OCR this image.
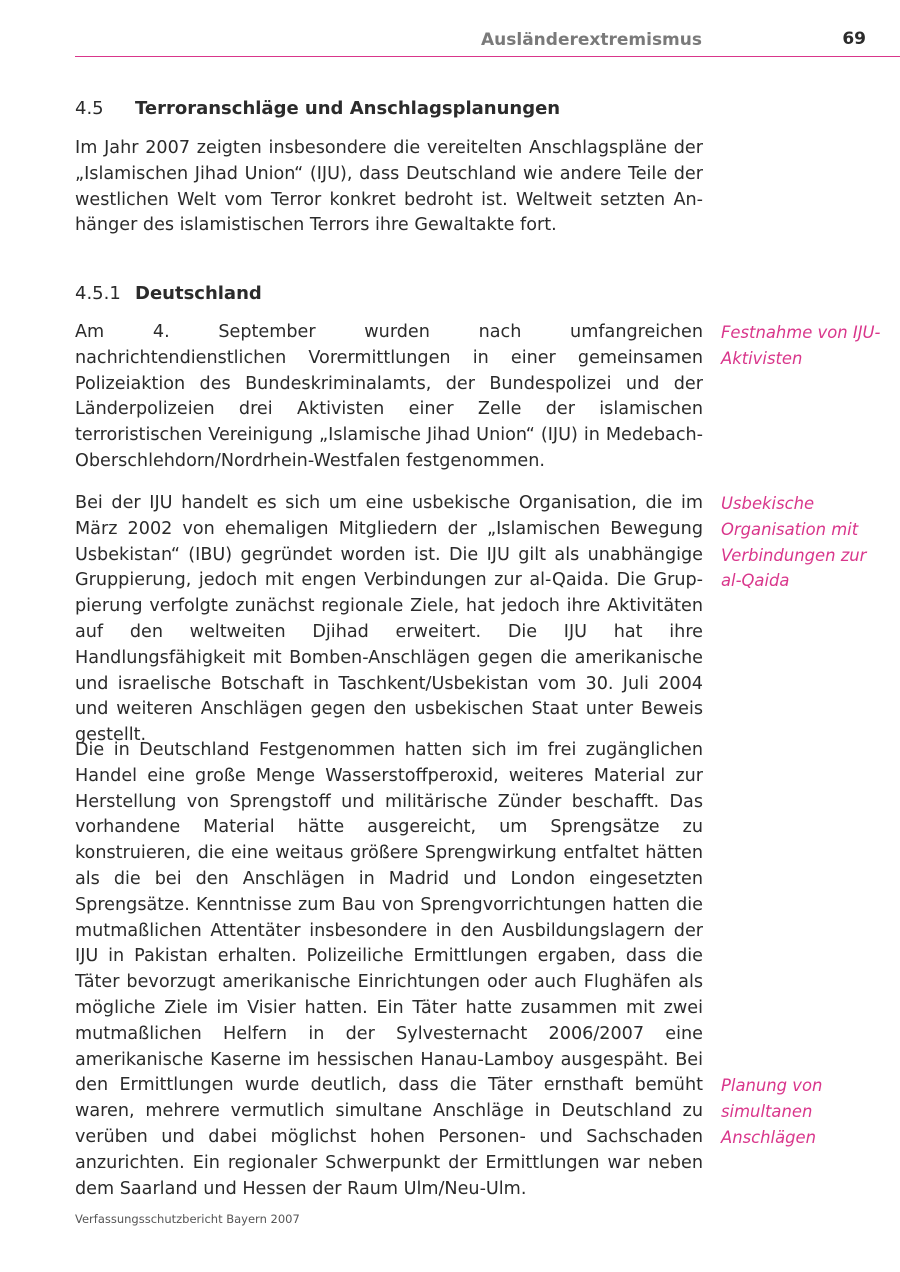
Ausländerextremismus	69
4.5 Terroranschläge und Anschlagsplanungen

Im Jahr 2007 zeigten insbesondere die vereitelten Anschlagspläne der „Islamischen Jihad Union“ (IJU), dass Deutschland wie andere Teile der westlichen Welt vom Terror konkret bedroht ist. Weltweit setzten Anhänger des islamistischen Terrors ihre Gewaltakte fort.

4.5.1 Deutschland

Am 4. September wurden nach umfangreichen nachrichtendienstlichen Vorermittlungen in einer gemeinsamen Polizeiaktion des Bundeskriminalamts, der Bundespolizei und der Länderpolizeien drei Aktivisten einer Zelle der islamischen terroristischen Vereinigung „Islamische Jihad Union“ (IJU) in Medebach-Oberschlehdorn/Nordrhein-Westfalen festgenommen.

Festnahme von IJU-Aktivisten

Bei der IJU handelt es sich um eine usbekische Organisation, die im März 2002 von ehemaligen Mitgliedern der „Islamischen Bewegung Usbekistan“ (IBU) gegründet worden ist. Die IJU gilt als unabhängige Gruppierung, jedoch mit engen Verbindungen zur al-Qaida. Die Gruppierung verfolgte zunächst regionale Ziele, hat jedoch ihre Aktivitäten auf den weltweiten Djihad erweitert. Die IJU hat ihre Handlungsfähigkeit mit Bomben-Anschlägen gegen die amerikanische und israelische Botschaft in Taschkent/Usbekistan vom 30. Juli 2004 und weiteren Anschlägen gegen den usbekischen Staat unter Beweis gestellt.

Usbekische Organisation mit Verbindungen zur al-Qaida

Die in Deutschland Festgenommen hatten sich im frei zugänglichen Handel eine große Menge Wasserstoffperoxid, weiteres Material zur Herstellung von Sprengstoff und militärische Zünder beschafft. Das vorhandene Material hätte ausgereicht, um Sprengsätze zu konstruieren, die eine weitaus größere Sprengwirkung entfaltet hätten als die bei den Anschlägen in Madrid und London eingesetzten Sprengsätze. Kenntnisse zum Bau von Sprengvorrichtungen hatten die mutmaßlichen Attentäter insbesondere in den Ausbildungslagern der IJU in Pakistan erhalten. Polizeiliche Ermittlungen ergaben, dass die Täter bevorzugt amerikanische Einrichtungen oder auch Flughäfen als mögliche Ziele im Visier hatten. Ein Täter hatte zusammen mit zwei mutmaßlichen Helfern in der Sylvesternacht 2006/2007 eine amerikanische Kaserne im hessischen Hanau-Lamboy ausgespäht. Bei den Ermittlungen wurde deutlich, dass die Täter ernsthaft bemüht waren, mehrere vermutlich simultane Anschläge in Deutschland zu verüben und dabei möglichst hohen Personen- und Sachschaden anzurichten. Ein regionaler Schwerpunkt der Ermittlungen war neben dem Saarland und Hessen der Raum Ulm/Neu-Ulm.

Planung von simultanen Anschlägen

Verfassungsschutzbericht Bayern 2007
